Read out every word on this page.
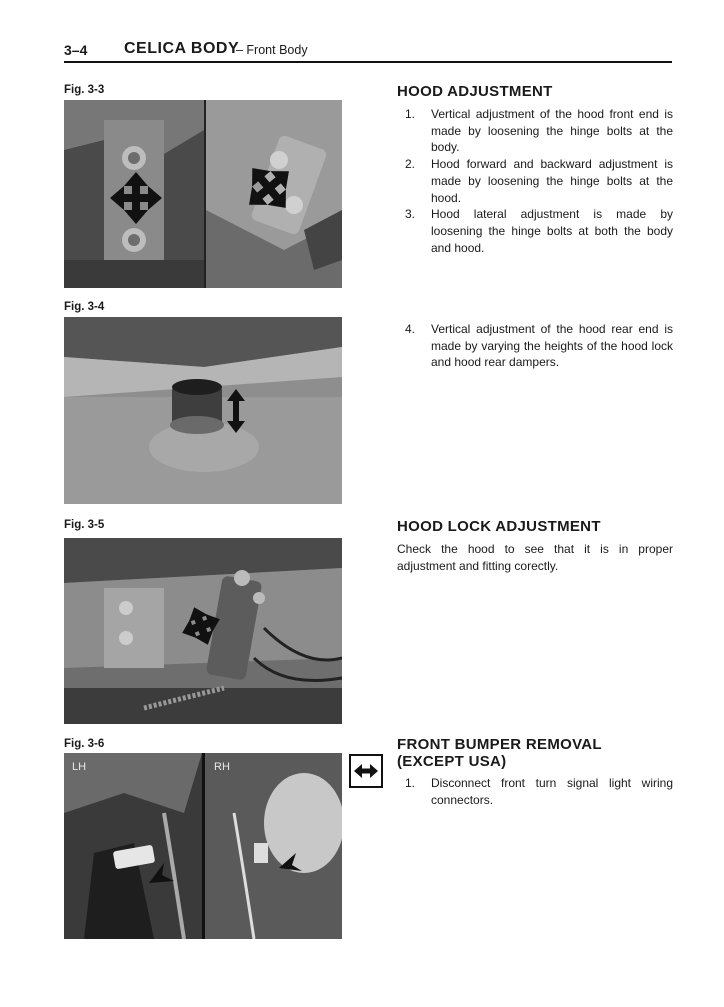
3–4 CELICA BODY
– Front Body
Fig. 3-3
Fig. 3-4
Fig. 3-5
Fig. 3-6
LH	RH
HOOD ADJUSTMENT
1. Vertical adjustment of the hood front end is made by loosening the hinge bolts at the body.
2. Hood forward and backward adjustment is made by loosening the hinge bolts at the hood.
3. Hood lateral adjustment is made by loosening the hinge bolts at both the body and hood.
4. Vertical adjustment of the hood rear end is made by varying the heights of the hood lock and hood rear dampers.
HOOD LOCK ADJUSTMENT
Check the hood to see that it is in proper adjustment and fitting corectly.
FRONT BUMPER REMOVAL
(EXCEPT USA)
1. Disconnect front turn signal light wiring connectors.
